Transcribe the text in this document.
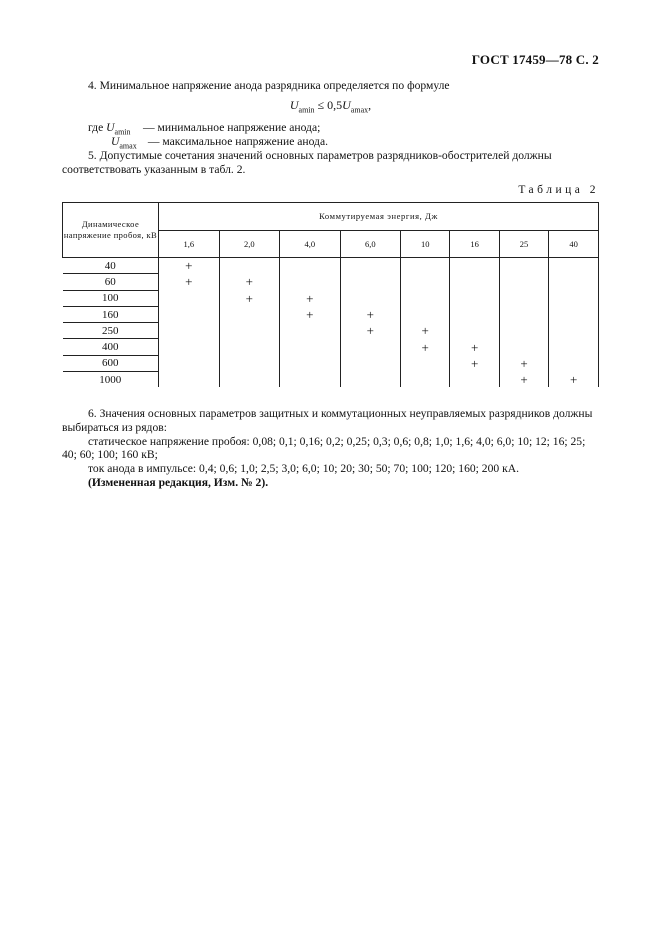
ГОСТ 17459—78 С. 2

4. Минимальное напряжение анода разрядника определяется по формуле

$U_{amin} \le 0,5U_{amax}$,
где $U_{amin}$ — минимальное напряжение анода;
$U_{amax}$ — максимальное напряжение анода.

5. Допустимые сочетания значений основных параметров разрядников-обострителей должны соответствовать указанным в табл. 2.

Таблица 2
Динамическое напряжение пробоя, кВ	Коммутируемая энергия, Дж							
	1,6	2,0	4,0	6,0	10	16	25	40
40	+							
60	+	+						
100		+	+					
160			+	+				
250				+	+			
400					+	+		
600						+	+	
1000							+	+
6. Значения основных параметров защитных и коммутационных неуправляемых разрядников должны выбираться из рядов:
статическое напряжение пробоя: 0,08; 0,1; 0,16; 0,2; 0,25; 0,3; 0,6; 0,8; 1,0; 1,6; 4,0; 6,0; 10; 12; 16; 25; 40; 60; 100; 160 кВ;
ток анода в импульсе: 0,4; 0,6; 1,0; 2,5; 3,0; 6,0; 10; 20; 30; 50; 70; 100; 120; 160; 200 кА.
(Измененная редакция, Изм. № 2).
